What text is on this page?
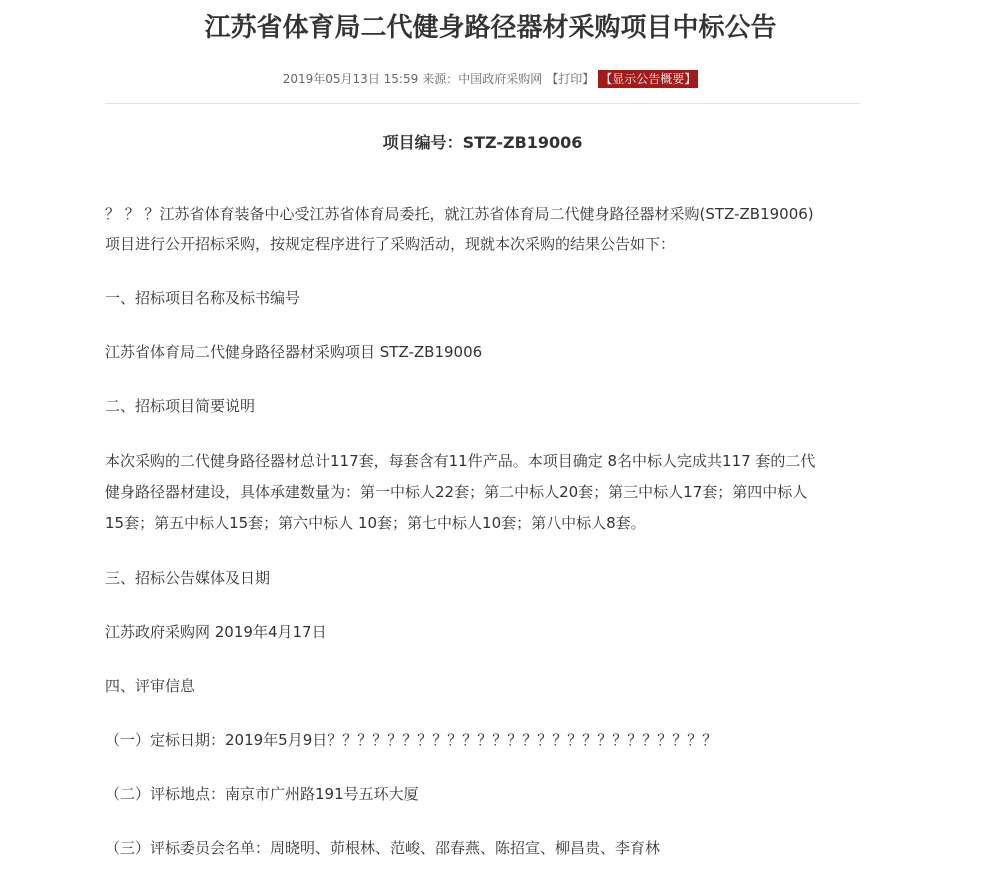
江苏省体育局二代健身路径器材采购项目中标公告
2019年05月13日 15:59 来源：中国政府采购网 【打印】 【显示公告概要】
项目编号：STZ-ZB19006
？ ？ ？江苏省体育装备中心受江苏省体育局委托，就江苏省体育局二代健身路径器材采购(STZ-ZB19006)
项目进行公开招标采购，按规定程序进行了采购活动，现就本次采购的结果公告如下：
一、招标项目名称及标书编号
江苏省体育局二代健身路径器材采购项目 STZ-ZB19006
二、招标项目简要说明
本次采购的二代健身路径器材总计117套，每套含有11件产品。本项目确定 8名中标人完成共117 套的二代
健身路径器材建设，具体承建数量为：第一中标人22套；第二中标人20套；第三中标人17套；第四中标人
15套；第五中标人15套；第六中标人 10套；第七中标人10套；第八中标人8套。
三、招标公告媒体及日期
江苏政府采购网 2019年4月17日
四、评审信息
（一）定标日期：2019年5月9日？？？？？？？？？？？？？？？？？？？？？？？？？？
（二）评标地点：南京市广州路191号五环大厦
（三）评标委员会名单：周晓明、茆根林、范峻、邵春燕、陈招宣、柳昌贵、李育林
